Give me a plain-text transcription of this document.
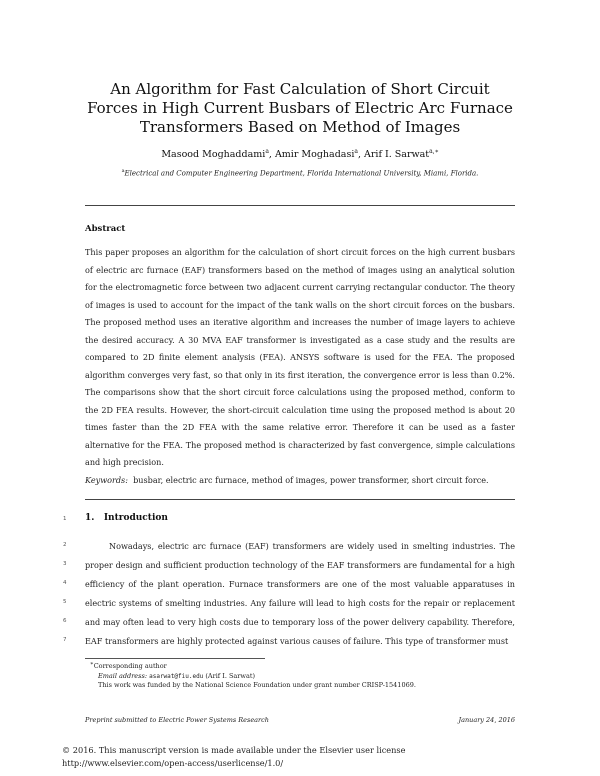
An Algorithm for Fast Calculation of Short Circuit Forces in High Current Busbars of Electric Arc Furnace Transformers Based on Method of Images
Masood Moghaddami$^a$, Amir Moghadasi$^a$, Arif I. Sarwat$^{a,∗}$
$^a$Electrical and Computer Engineering Department, Florida International University, Miami, Florida.
Abstract

This paper proposes an algorithm for the calculation of short circuit forces on the high current busbars of electric arc furnace (EAF) transformers based on the method of images using an analytical solution for the electromagnetic force between two adjacent current carrying rectangular conductor. The theory of images is used to account for the impact of the tank walls on the short circuit forces on the busbars. The proposed method uses an iterative algorithm and increases the number of image layers to achieve the desired accuracy. A 30 MVA EAF transformer is investigated as a case study and the results are compared to 2D finite element analysis (FEA). ANSYS software is used for the FEA. The proposed algorithm converges very fast, so that only in its first iteration, the convergence error is less than 0.2%. The comparisons show that the short circuit force calculations using the proposed method, conform to the 2D FEA results. However, the short-circuit calculation time using the proposed method is about 20 times faster than the 2D FEA with the same relative error. Therefore it can be used as a faster alternative for the FEA. The proposed method is characterized by fast convergence, simple calculations and high precision.

Keywords: busbar, electric arc furnace, method of images, power transformer, short circuit force.

1 1. Introduction
2
3
4
5
6
7

Nowadays, electric arc furnace (EAF) transformers are widely used in smelting industries. The proper design and sufficient production technology of the EAF transformers are fundamental for a high efficiency of the plant operation. Furnace transformers are one of the most valuable apparatuses in electric systems of smelting industries. Any failure will lead to high costs for the repair or replacement and may often lead to very high costs due to temporary loss of the power delivery capability. Therefore, EAF transformers are highly protected against various causes of failure. This type of transformer must

∗Corresponding author
Email address: asarwat@fiu.edu (Arif I. Sarwat)
This work was funded by the National Science Foundation under grant number CRISP-1541069.
Preprint submitted to Electric Power Systems Research	January 24, 2016
© 2016. This manuscript version is made available under the Elsevier user license
http://www.elsevier.com/open-access/userlicense/1.0/
